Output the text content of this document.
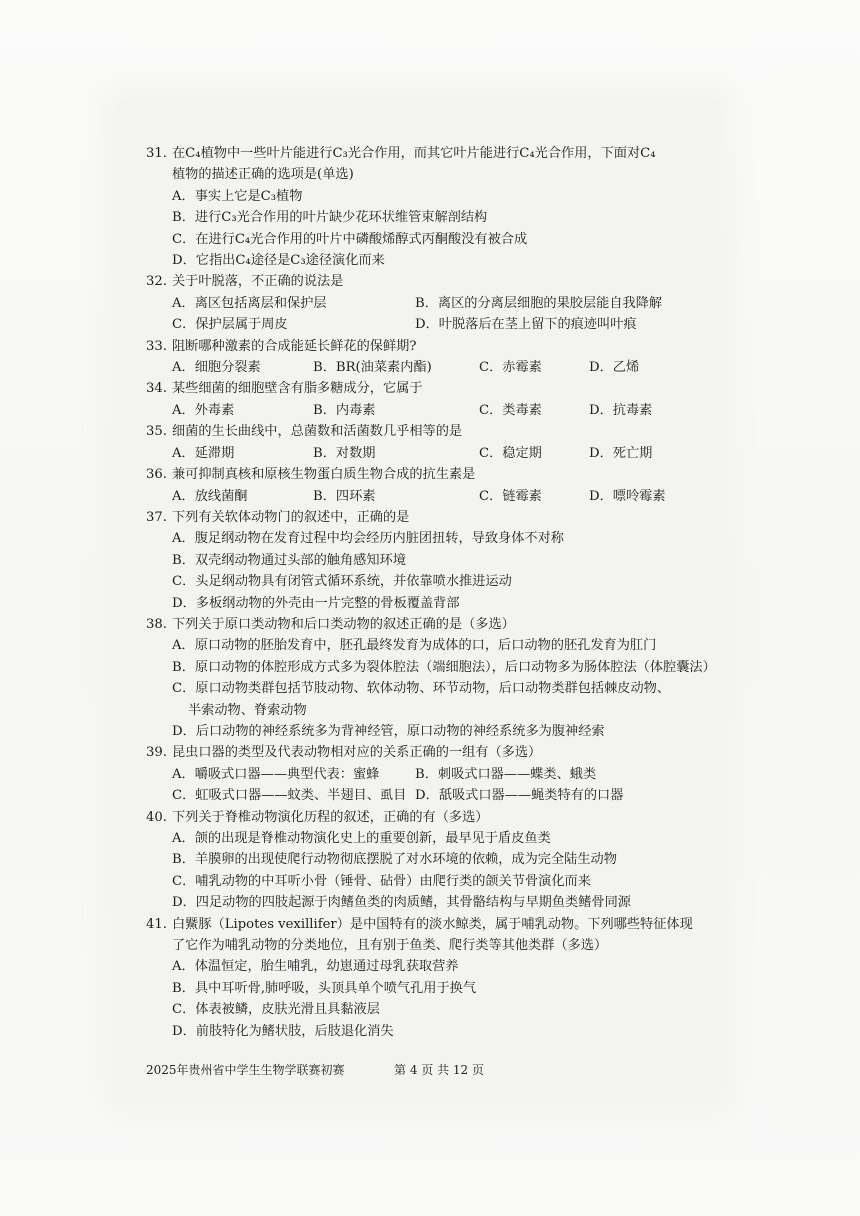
31. 在C₄植物中一些叶片能进行C₃光合作用，而其它叶片能进行C₄光合作用，下面对C₄
植物的描述正确的选项是(单选)
A．事实上它是C₃植物
B．进行C₃光合作用的叶片缺少花环状维管束解剖结构
C．在进行C₄光合作用的叶片中磷酸烯醇式丙酮酸没有被合成
D．它指出C₄途径是C₃途径演化而来
32. 关于叶脱落，不正确的说法是
A．离区包括离层和保护层	B．离区的分离层细胞的果胶层能自我降解
C．保护层属于周皮	D．叶脱落后在茎上留下的痕迹叫叶痕
33. 阻断哪种激素的合成能延长鲜花的保鲜期?
A．细胞分裂素	B．BR(油菜素内酯)	C．赤霉素	D．乙烯
34. 某些细菌的细胞壁含有脂多糖成分，它属于
A．外毒素	B．内毒素	C．类毒素	D．抗毒素
35. 细菌的生长曲线中，总菌数和活菌数几乎相等的是
A．延滞期	B．对数期	C．稳定期	D．死亡期
36. 兼可抑制真核和原核生物蛋白质生物合成的抗生素是
A．放线菌酮	B．四环素	C．链霉素	D．嘌呤霉素
37. 下列有关软体动物门的叙述中，正确的是
A．腹足纲动物在发育过程中均会经历内脏团扭转，导致身体不对称
B．双壳纲动物通过头部的触角感知环境
C．头足纲动物具有闭管式循环系统，并依靠喷水推进运动
D．多板纲动物的外壳由一片完整的骨板覆盖背部
38. 下列关于原口类动物和后口类动物的叙述正确的是（多选）
A．原口动物的胚胎发育中，胚孔最终发育为成体的口，后口动物的胚孔发育为肛门
B．原口动物的体腔形成方式多为裂体腔法（端细胞法），后口动物多为肠体腔法（体腔囊法）
C．原口动物类群包括节肢动物、软体动物、环节动物，后口动物类群包括棘皮动物、
半索动物、脊索动物
D．后口动物的神经系统多为背神经管，原口动物的神经系统多为腹神经索
39. 昆虫口器的类型及代表动物相对应的关系正确的一组有（多选）
A．嚼吸式口器——典型代表：蜜蜂	B．刺吸式口器——蝶类、蛾类
C．虹吸式口器——蚊类、半翅目、虱目 D．舐吸式口器——蝇类特有的口器
40. 下列关于脊椎动物演化历程的叙述，正确的有（多选）
A．颌的出现是脊椎动物演化史上的重要创新，最早见于盾皮鱼类
B．羊膜卵的出现使爬行动物彻底摆脱了对水环境的依赖，成为完全陆生动物
C．哺乳动物的中耳听小骨（锤骨、砧骨）由爬行类的颌关节骨演化而来
D．四足动物的四肢起源于肉鳍鱼类的肉质鳍，其骨骼结构与早期鱼类鳍骨同源
41. 白鱀豚（Lipotes vexillifer）是中国特有的淡水鲸类，属于哺乳动物。下列哪些特征体现
了它作为哺乳动物的分类地位，且有别于鱼类、爬行类等其他类群（多选）
A．体温恒定，胎生哺乳，幼崽通过母乳获取营养
B．具中耳听骨,肺呼吸，头顶具单个喷气孔用于换气
C．体表被鳞，皮肤光滑且具黏液层
D．前肢特化为鳍状肢，后肢退化消失
2025年贵州省中学生生物学联赛初赛	第 4 页 共 12 页
